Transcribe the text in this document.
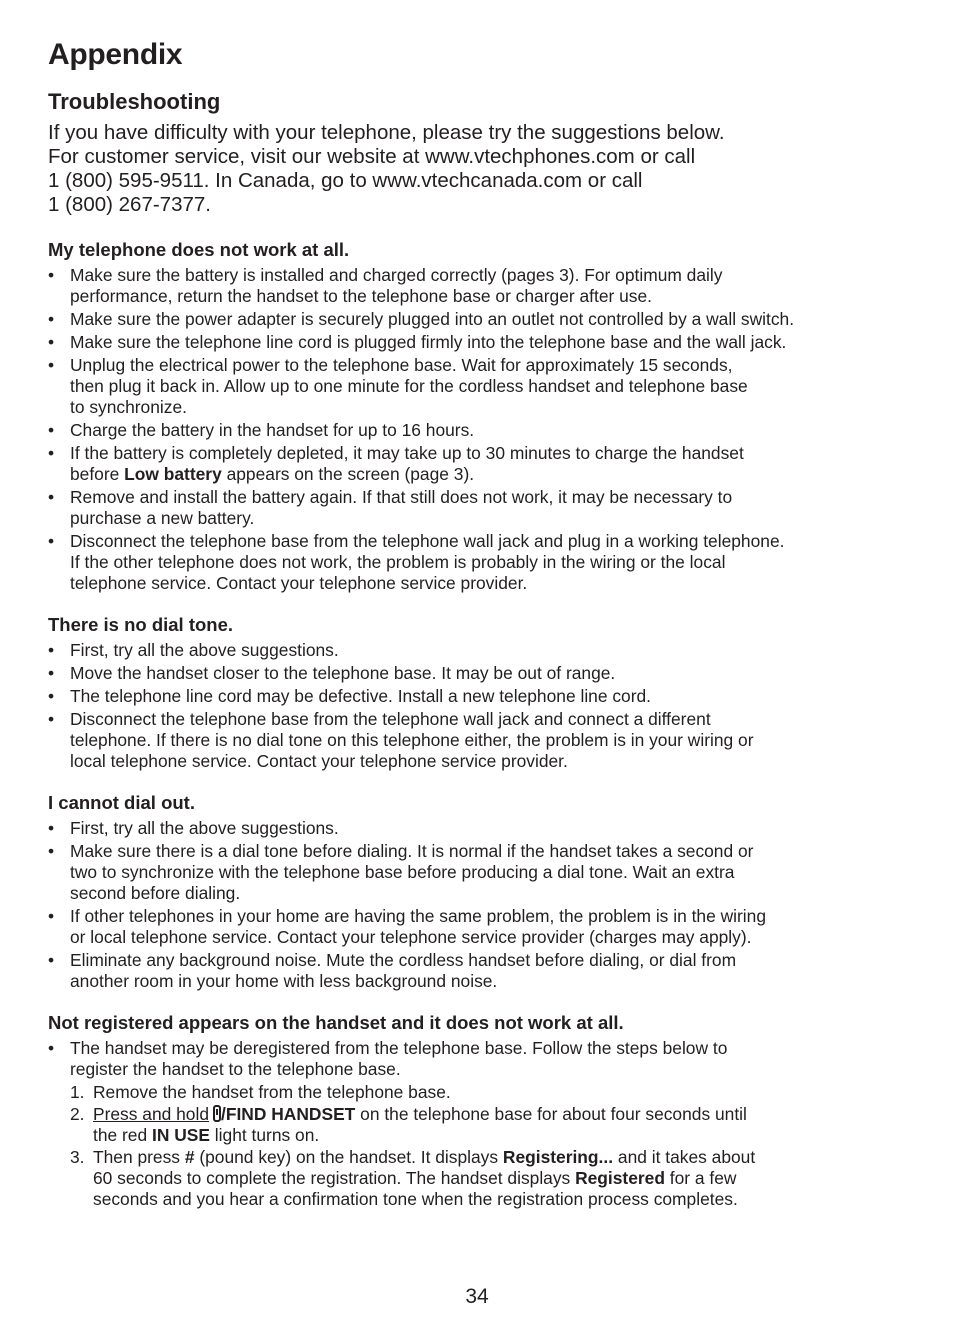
Appendix
Troubleshooting

If you have difficulty with your telephone, please try the suggestions below.
For customer service, visit our website at www.vtechphones.com or call
1 (800) 595-9511. In Canada, go to www.vtechcanada.com or call
1 (800) 267-7377.

My telephone does not work at all.
• Make sure the battery is installed and charged correctly (pages 3). For optimum daily
performance, return the handset to the telephone base or charger after use.
• Make sure the power adapter is securely plugged into an outlet not controlled by a wall switch.
• Make sure the telephone line cord is plugged firmly into the telephone base and the wall jack.
• Unplug the electrical power to the telephone base. Wait for approximately 15 seconds,
then plug it back in. Allow up to one minute for the cordless handset and telephone base
to synchronize.
• Charge the battery in the handset for up to 16 hours.
• If the battery is completely depleted, it may take up to 30 minutes to charge the handset
before Low battery appears on the screen (page 3).
• Remove and install the battery again. If that still does not work, it may be necessary to
purchase a new battery.
• Disconnect the telephone base from the telephone wall jack and plug in a working telephone.
If the other telephone does not work, the problem is probably in the wiring or the local
telephone service. Contact your telephone service provider.
There is no dial tone.
• First, try all the above suggestions.
• Move the handset closer to the telephone base. It may be out of range.
• The telephone line cord may be defective. Install a new telephone line cord.
• Disconnect the telephone base from the telephone wall jack and connect a different
telephone. If there is no dial tone on this telephone either, the problem is in your wiring or
local telephone service. Contact your telephone service provider.
I cannot dial out.
• First, try all the above suggestions.
• Make sure there is a dial tone before dialing. It is normal if the handset takes a second or
two to synchronize with the telephone base before producing a dial tone. Wait an extra
second before dialing.
• If other telephones in your home are having the same problem, the problem is in the wiring
or local telephone service. Contact your telephone service provider (charges may apply).
• Eliminate any background noise. Mute the cordless handset before dialing, or dial from
another room in your home with less background noise.
Not registered appears on the handset and it does not work at all.
• The handset may be deregistered from the telephone base. Follow the steps below to
register the handset to the telephone base.
1. Remove the handset from the telephone base.
2. Press and hold /FIND HANDSET on the telephone base for about four seconds until
the red IN USE light turns on.
3. Then press # (pound key) on the handset. It displays Registering... and it takes about
60 seconds to complete the registration. The handset displays Registered for a few
seconds and you hear a confirmation tone when the registration process completes.
34
